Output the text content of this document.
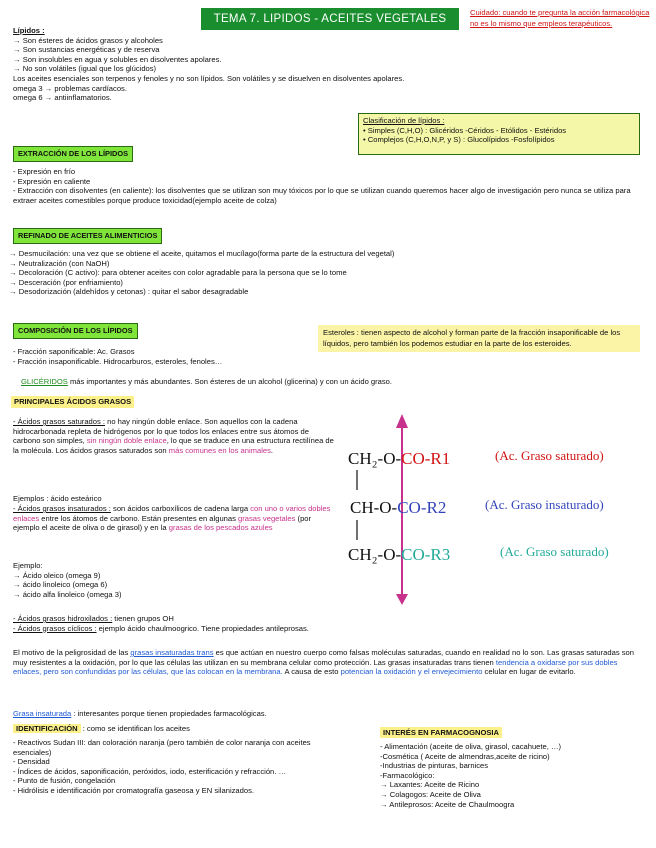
TEMA 7. LIPIDOS - ACEITES VEGETALES
Cuidado: cuando te pregunta la acción farmacológica no es lo mismo que empleos terapéuticos.
Lípidos :
→ Son ésteres de ácidos grasos y alcoholes
→ Son sustancias energéticas y de reserva
→ Son insolubles en agua y solubles en disolventes apolares.
→ No son volátiles (igual que los glúcidos)
Los aceites esenciales son terpenos y fenoles y no son lípidos. Son volátiles y se disuelven en disolventes apolares.
omega 3 → problemas cardíacos.
omega 6 → antiinflamatorios.
Clasificación de lípidos :
• Simples (C,H,O) : Glicéridos -Céridos - Etólidos - Estéridos
• Complejos (C,H,O,N,P, y S) : Glucolípidos -Fosfolípidos
EXTRACCIÓN DE LOS LÍPIDOS
- Expresión en frío
- Expresión en caliente
- Extracción con disolventes (en caliente): los disolventes que se utilizan son muy tóxicos por lo que se utilizan cuando queremos hacer algo de investigación pero nunca se utiliza para extraer aceites comestibles porque produce toxicidad(ejemplo aceite de colza)
REFINADO DE ACEITES ALIMENTICIOS
→ Desmucilación: una vez que se obtiene el aceite, quitamos el mucílago(forma parte de la estructura del vegetal)
→ Neutralización (con NaOH)
→ Decoloración (C activo): para obtener aceites con color agradable para la persona que se lo tome
→ Desceración (por enfriamiento)
→ Desodorización (aldehídos y cetonas) : quitar el sabor desagradable
COMPOSICIÓN DE LOS LÍPIDOS
- Fracción saponificable: Ac. Grasos
- Fracción insaponificable. Hidrocarburos, esteroles, fenoles…
Esteroles : tienen aspecto de alcohol y forman parte de la fracción insaponificable de los líquidos, pero también los podemos estudiar en la parte de los esteroides.
GLICÉRIDOS más importantes y más abundantes. Son ésteres de un alcohol (glicerina) y con un ácido graso.
PRINCIPALES ÁCIDOS GRASOS
- Ácidos grasos saturados : no hay ningún doble enlace. Son aquellos con la cadena hidrocarbonada repleta de hidrógenos por lo que todos los enlaces entre sus átomos de carbono son simples, sin ningún doble enlace, lo que se traduce en una estructura rectilínea de la molécula. Los ácidos grasos saturados son más comunes en los animales.
Ejemplos : ácido esteárico
- Ácidos grasos insaturados : son ácidos carboxílicos de cadena larga con uno o varios dobles enlaces entre los átomos de carbono. Están presentes en algunas grasas vegetales (por ejemplo el aceite de oliva o de girasol) y en la grasas de los pescados azules
Ejemplo:
→ Ácido oleico (omega 9)
→ ácido linoleico (omega 6)
→ ácido alfa linoleico (omega 3)
- Ácidos grasos hidroxilados : tienen grupos OH
- Ácidos grasos cíclicos : ejemplo ácido chaulmoogrico. Tiene propiedades antileprosas.
CH₂-O-CO-R1	(Ac. Graso saturado)
CH-O-CO-R2	(Ac. Graso insaturado)
CH₂-O-CO-R3	(Ac. Graso saturado)
El motivo de la peligrosidad de las grasas insaturadas trans es que actúan en nuestro cuerpo como falsas moléculas saturadas, cuando en realidad no lo son. Las grasas saturadas son muy resistentes a la oxidación, por lo que las células las utilizan en su membrana celular como protección. Las grasas insaturadas trans tienen tendencia a oxidarse por sus dobles enlaces, pero son confundidas por las células, que las colocan en la membrana. A causa de esto potencian la oxidación y el envejecimiento celular en lugar de evitarlo.
Grasa insaturada : interesantes porque tienen propiedades farmacológicas.
IDENTIFICACIÓN : como se identifican los aceites
- Reactivos Sudan III: dan coloración naranja (pero también de color naranja con aceites esenciales)
- Densidad
- Índices de ácidos, saponificación, peróxidos, iodo, esterificación y refracción. …
- Punto de fusión, congelación
- Hidrólisis e identificación por cromatografía gaseosa y EN silanizados.
INTERÉS EN FARMACOGNOSIA
- Alimentación (aceite de oliva, girasol, cacahuete, …)
-Cosmética ( Aceite de almendras,aceite de ricino)
-Industrias de pinturas, barnices
-Farmacológico:
→ Laxantes: Aceite de Ricino
→ Colagogos: Aceite de Oliva
→ Antileprosos: Aceite de Chaulmoogra
